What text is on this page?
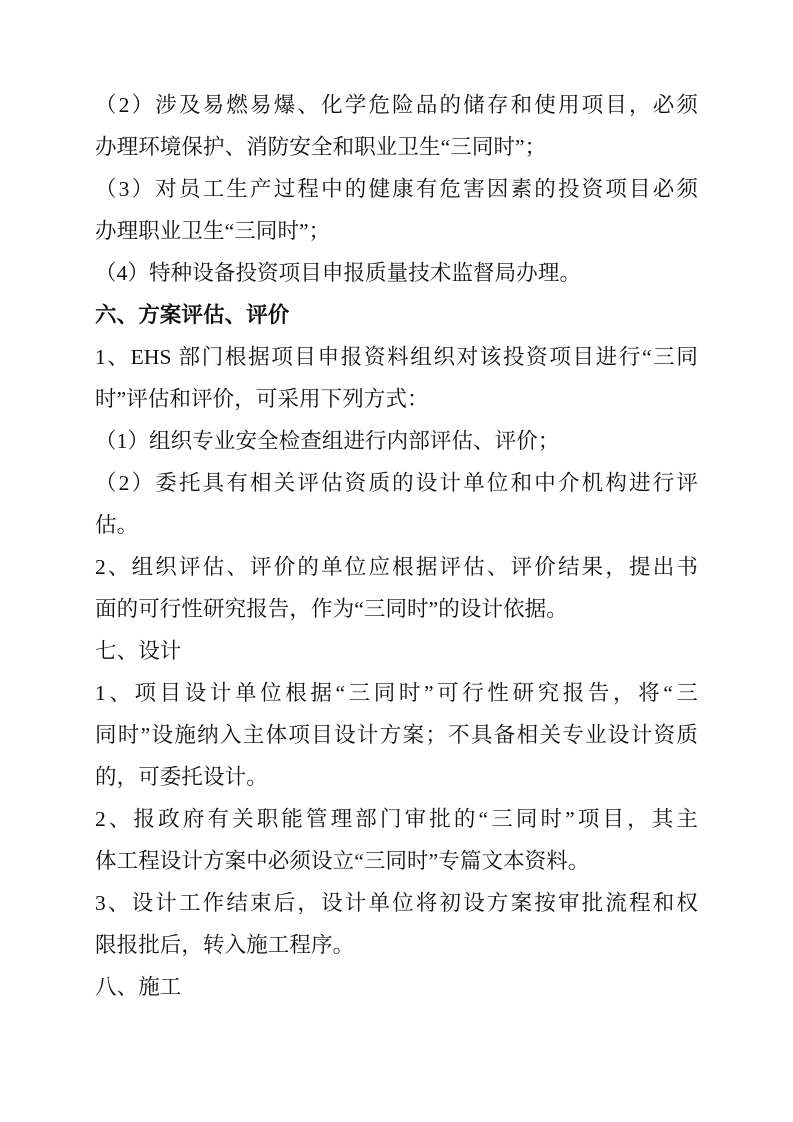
（2）涉及易燃易爆、化学危险品的储存和使用项目，必须
办理环境保护、消防安全和职业卫生“三同时”；
（3）对员工生产过程中的健康有危害因素的投资项目必须
办理职业卫生“三同时”；
（4）特种设备投资项目申报质量技术监督局办理。
六、方案评估、评价
1、EHS 部门根据项目申报资料组织对该投资项目进行“三同
时”评估和评价，可采用下列方式：
（1）组织专业安全检查组进行内部评估、评价；
（2）委托具有相关评估资质的设计单位和中介机构进行评
估。
2、组织评估、评价的单位应根据评估、评价结果，提出书
面的可行性研究报告，作为“三同时”的设计依据。
七、设计
1、项目设计单位根据“三同时”可行性研究报告，将“三
同时”设施纳入主体项目设计方案；不具备相关专业设计资质
的，可委托设计。
2、报政府有关职能管理部门审批的“三同时”项目，其主
体工程设计方案中必须设立“三同时”专篇文本资料。
3、设计工作结束后，设计单位将初设方案按审批流程和权
限报批后，转入施工程序。
八、施工
